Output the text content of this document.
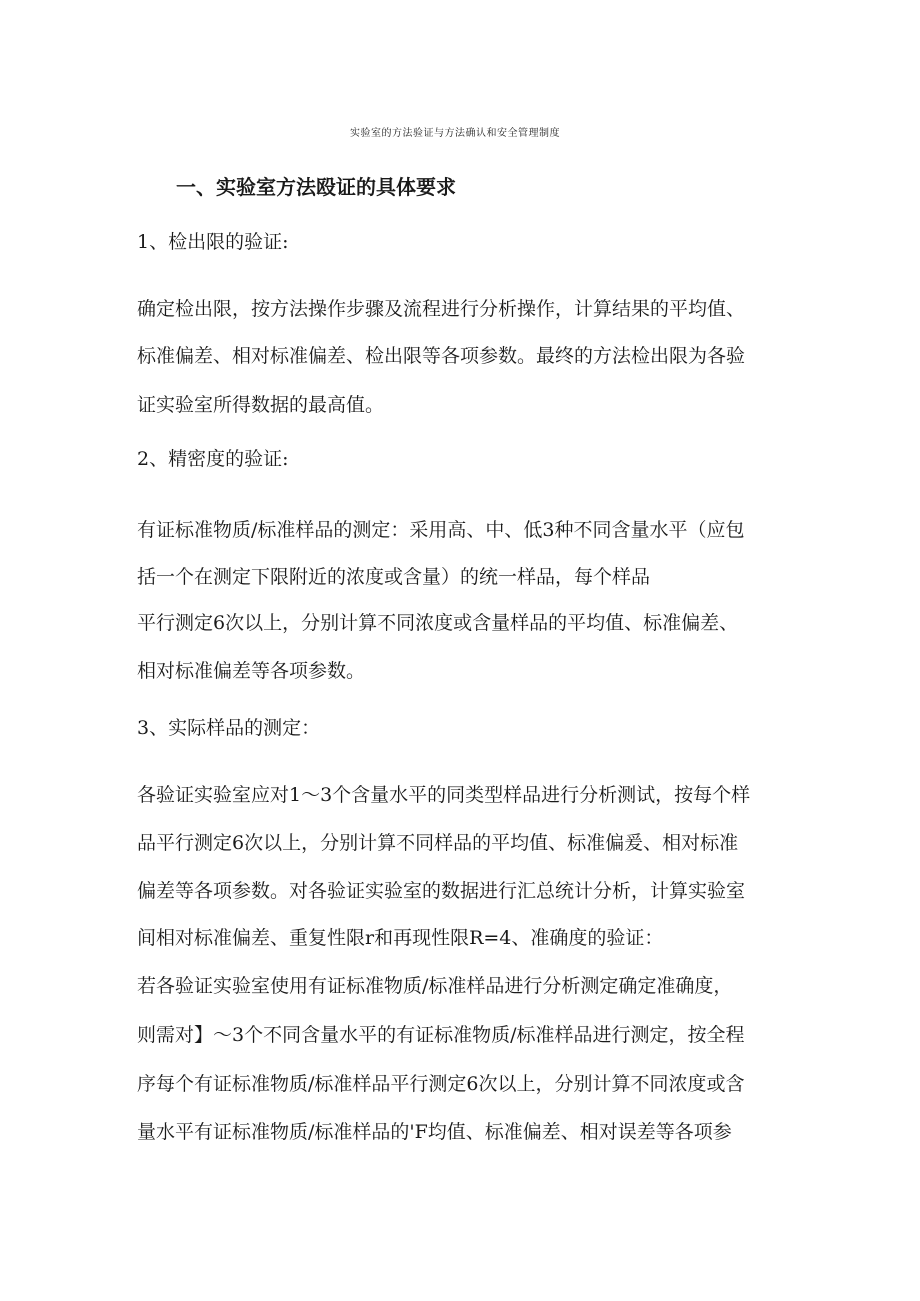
实验室的方法验证与方法确认和安全管理制度
一、实验室方法殴证的具体要求
1、检出限的验证:
确定检出限，按方法操作步骤及流程进行分析操作，计算结果的平均值、
标准偏差、相对标准偏差、检出限等各项参数。最终的方法检出限为各验
证实验室所得数据的最高值。
2、精密度的验证:
有证标准物质/标准样品的测定：采用高、中、低3种不同含量水平（应包
括一个在测定下限附近的浓度或含量）的统一样品，每个样品
平行测定6次以上，分别计算不同浓度或含量样品的平均值、标准偏差、
相对标准偏差等各项参数。
3、实际样品的测定：
各验证实验室应对1～3个含量水平的同类型样品进行分析测试，按每个样
品平行测定6次以上，分别计算不同样品的平均值、标准偏爰、相对标准
偏差等各项参数。对各验证实验室的数据进行汇总统计分析，计算实验室
间相对标准偏差、重复性限r和再现性限R=4、准确度的验证：
若各验证实验室使用有证标准物质/标准样品进行分析测定确定准确度，
则需对】～3个不同含量水平的有证标准物质/标准样品进行测定，按全程
序每个有证标准物质/标准样品平行测定6次以上，分别计算不同浓度或含
量水平有证标准物质/标准样品的'F均值、标准偏差、相对误差等各项参
